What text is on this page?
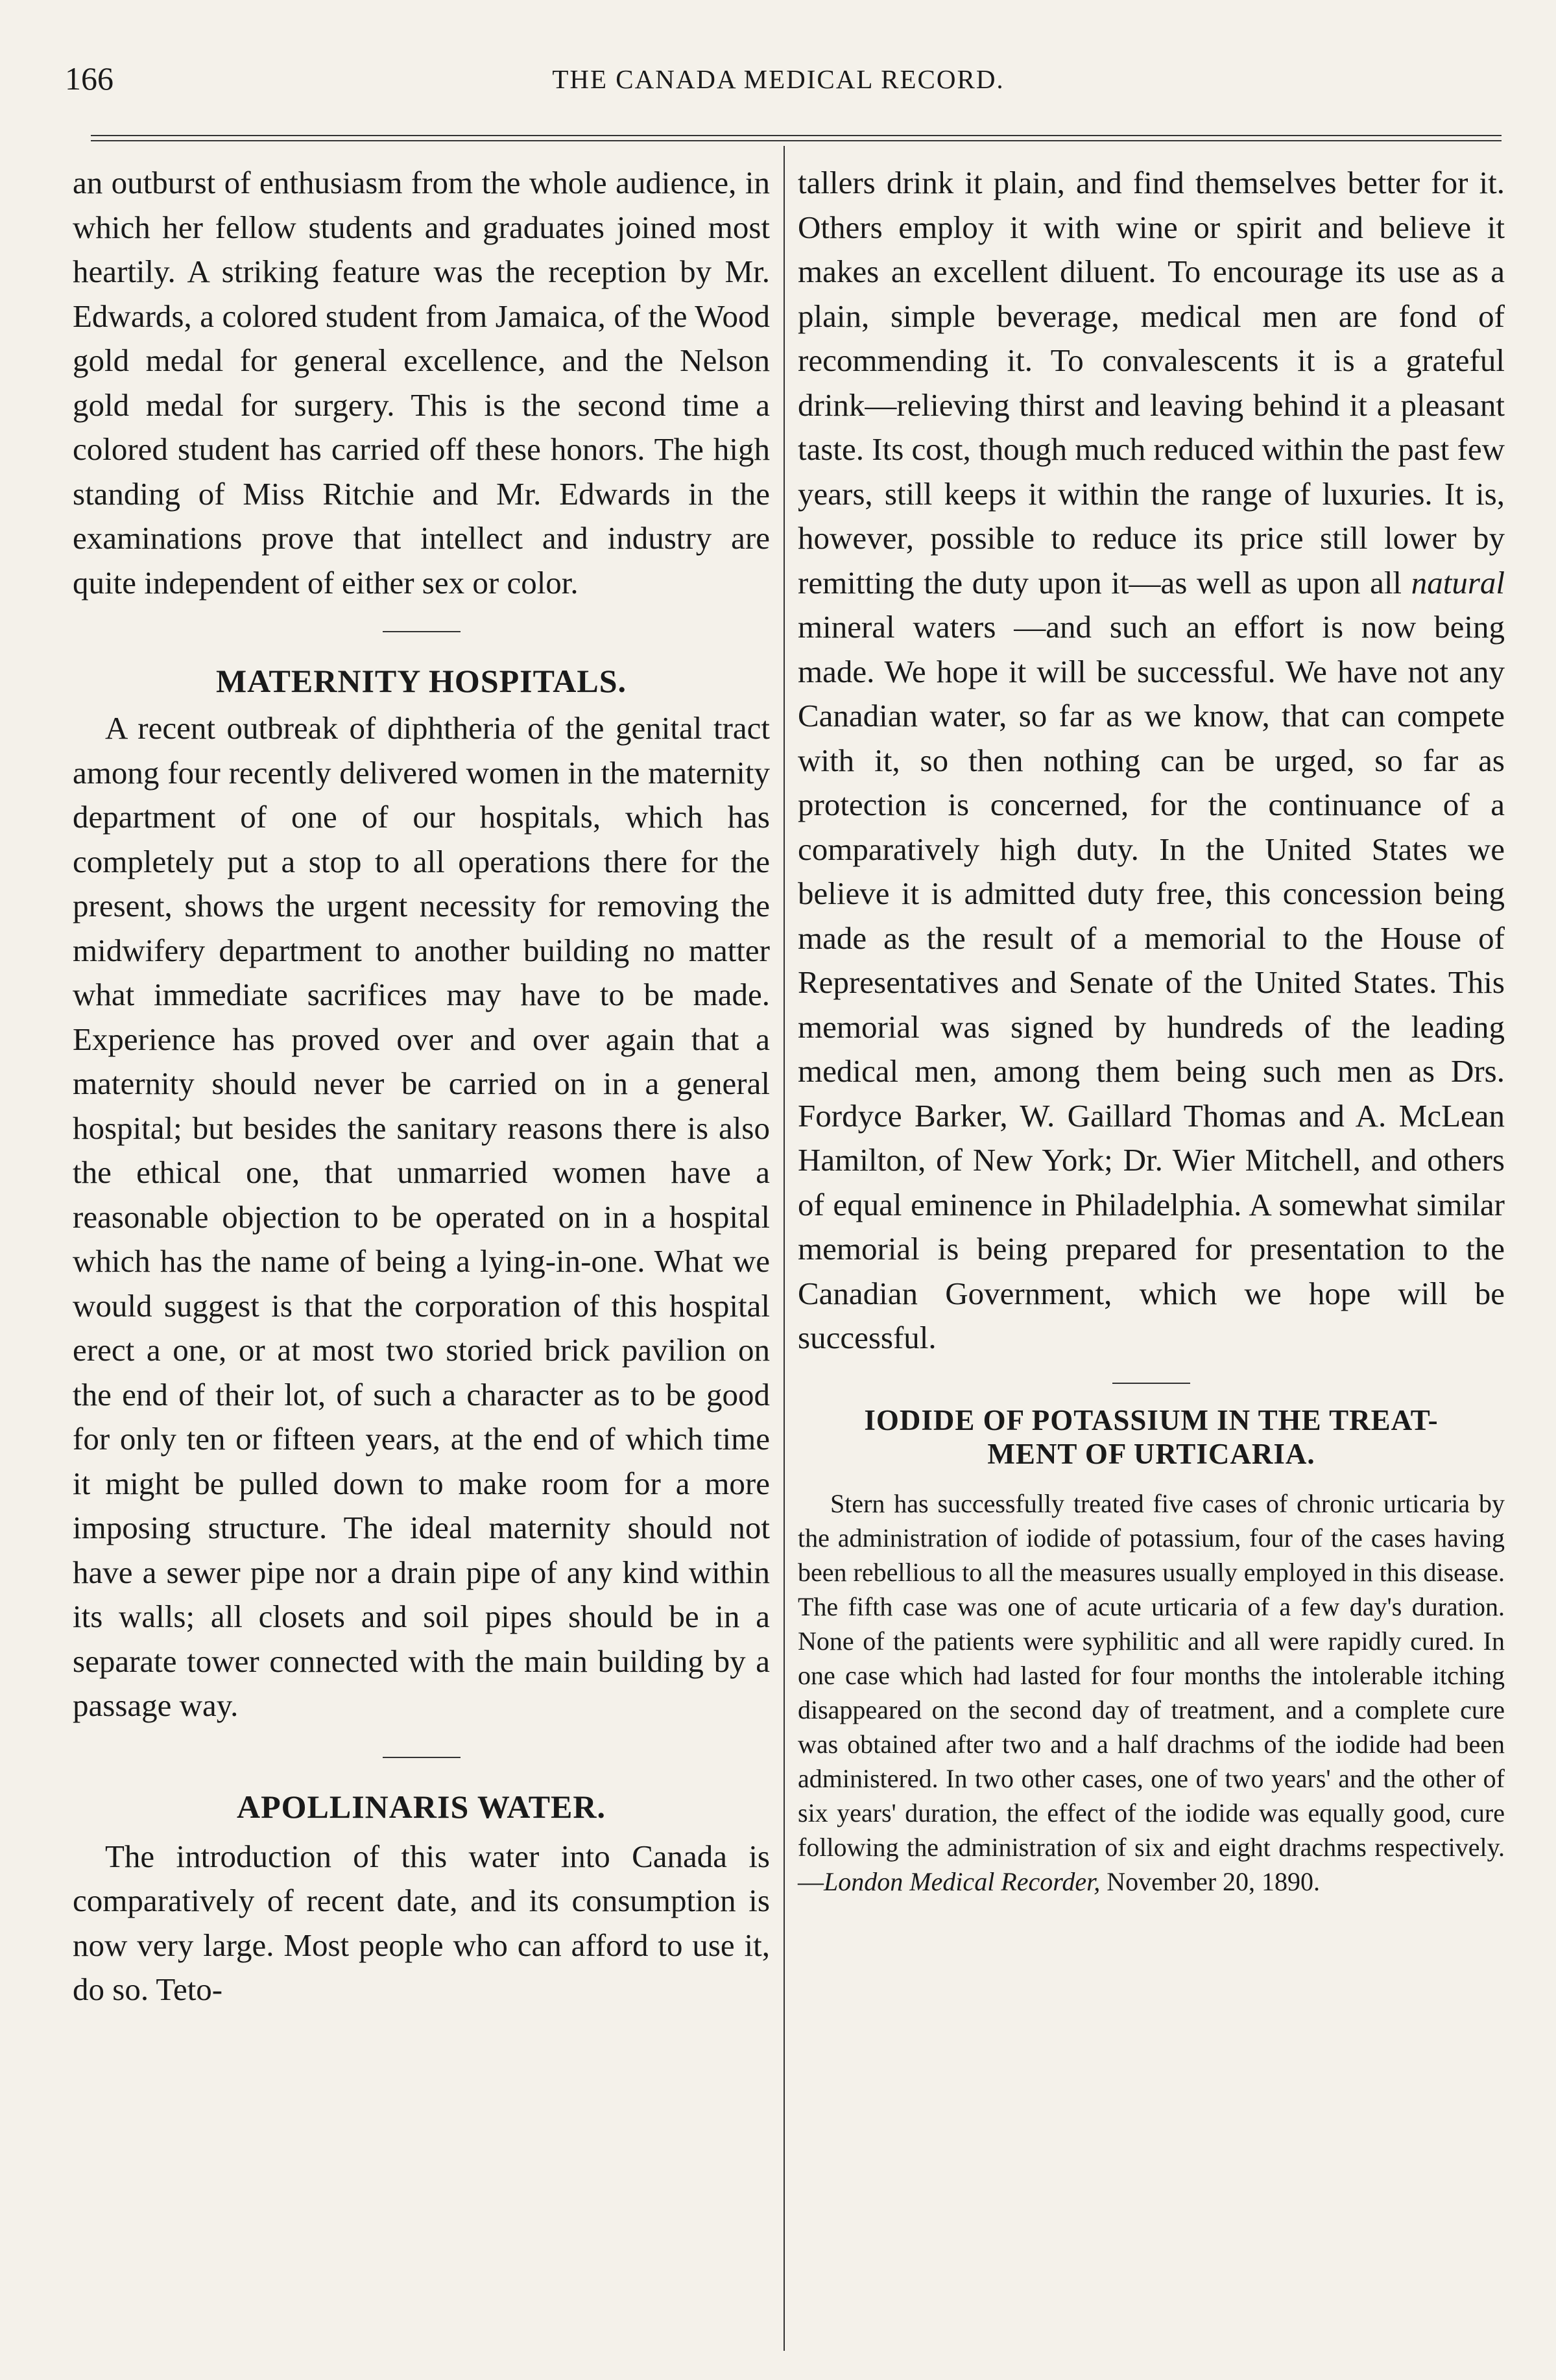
166	THE CANADA MEDICAL RECORD.

an outburst of enthusiasm from the whole audience, in which her fellow students and graduates joined most heartily. A striking feature was the reception by Mr. Edwards, a colored student from Jamaica, of the Wood gold medal for general excellence, and the Nelson gold medal for surgery. This is the second time a colored student has carried off these honors. The high standing of Miss Ritchie and Mr. Edwards in the examinations prove that intellect and industry are quite independent of either sex or color.

MATERNITY HOSPITALS.

A recent outbreak of diphtheria of the genital tract among four recently delivered women in the maternity department of one of our hospitals, which has completely put a stop to all operations there for the present, shows the urgent necessity for removing the midwifery department to another building no matter what immediate sacrifices may have to be made. Experience has proved over and over again that a maternity should never be carried on in a general hospital; but besides the sanitary reasons there is also the ethical one, that unmarried women have a reasonable objection to be operated on in a hospital which has the name of being a lying-in-one. What we would suggest is that the corporation of this hospital erect a one, or at most two storied brick pavilion on the end of their lot, of such a character as to be good for only ten or fifteen years, at the end of which time it might be pulled down to make room for a more imposing structure. The ideal maternity should not have a sewer pipe nor a drain pipe of any kind within its walls; all closets and soil pipes should be in a separate tower connected with the main building by a passage way.

APOLLINARIS WATER.

The introduction of this water into Canada is comparatively of recent date, and its consumption is now very large. Most people who can afford to use it, do so. Teto-

tallers drink it plain, and find themselves better for it. Others employ it with wine or spirit and believe it makes an excellent diluent. To encourage its use as a plain, simple beverage, medical men are fond of recommending it. To convalescents it is a grateful drink—relieving thirst and leaving behind it a pleasant taste. Its cost, though much reduced within the past few years, still keeps it within the range of luxuries. It is, however, possible to reduce its price still lower by remitting the duty upon it—as well as upon all natural mineral waters —and such an effort is now being made. We hope it will be successful. We have not any Canadian water, so far as we know, that can compete with it, so then nothing can be urged, so far as protection is concerned, for the continuance of a comparatively high duty. In the United States we believe it is admitted duty free, this concession being made as the result of a memorial to the House of Representatives and Senate of the United States. This memorial was signed by hundreds of the leading medical men, among them being such men as Drs. Fordyce Barker, W. Gaillard Thomas and A. McLean Hamilton, of New York; Dr. Wier Mitchell, and others of equal eminence in Philadelphia. A somewhat similar memorial is being prepared for presentation to the Canadian Government, which we hope will be successful.

IODIDE OF POTASSIUM IN THE TREAT-
MENT OF URTICARIA.

Stern has successfully treated five cases of chronic urticaria by the administration of iodide of potassium, four of the cases having been rebellious to all the measures usually employed in this disease. The fifth case was one of acute urticaria of a few day's duration. None of the patients were syphilitic and all were rapidly cured. In one case which had lasted for four months the intolerable itching disappeared on the second day of treatment, and a complete cure was obtained after two and a half drachms of the iodide had been administered. In two other cases, one of two years' and the other of six years' duration, the effect of the iodide was equally good, cure following the administration of six and eight drachms respectively.—London Medical Recorder, November 20, 1890.
